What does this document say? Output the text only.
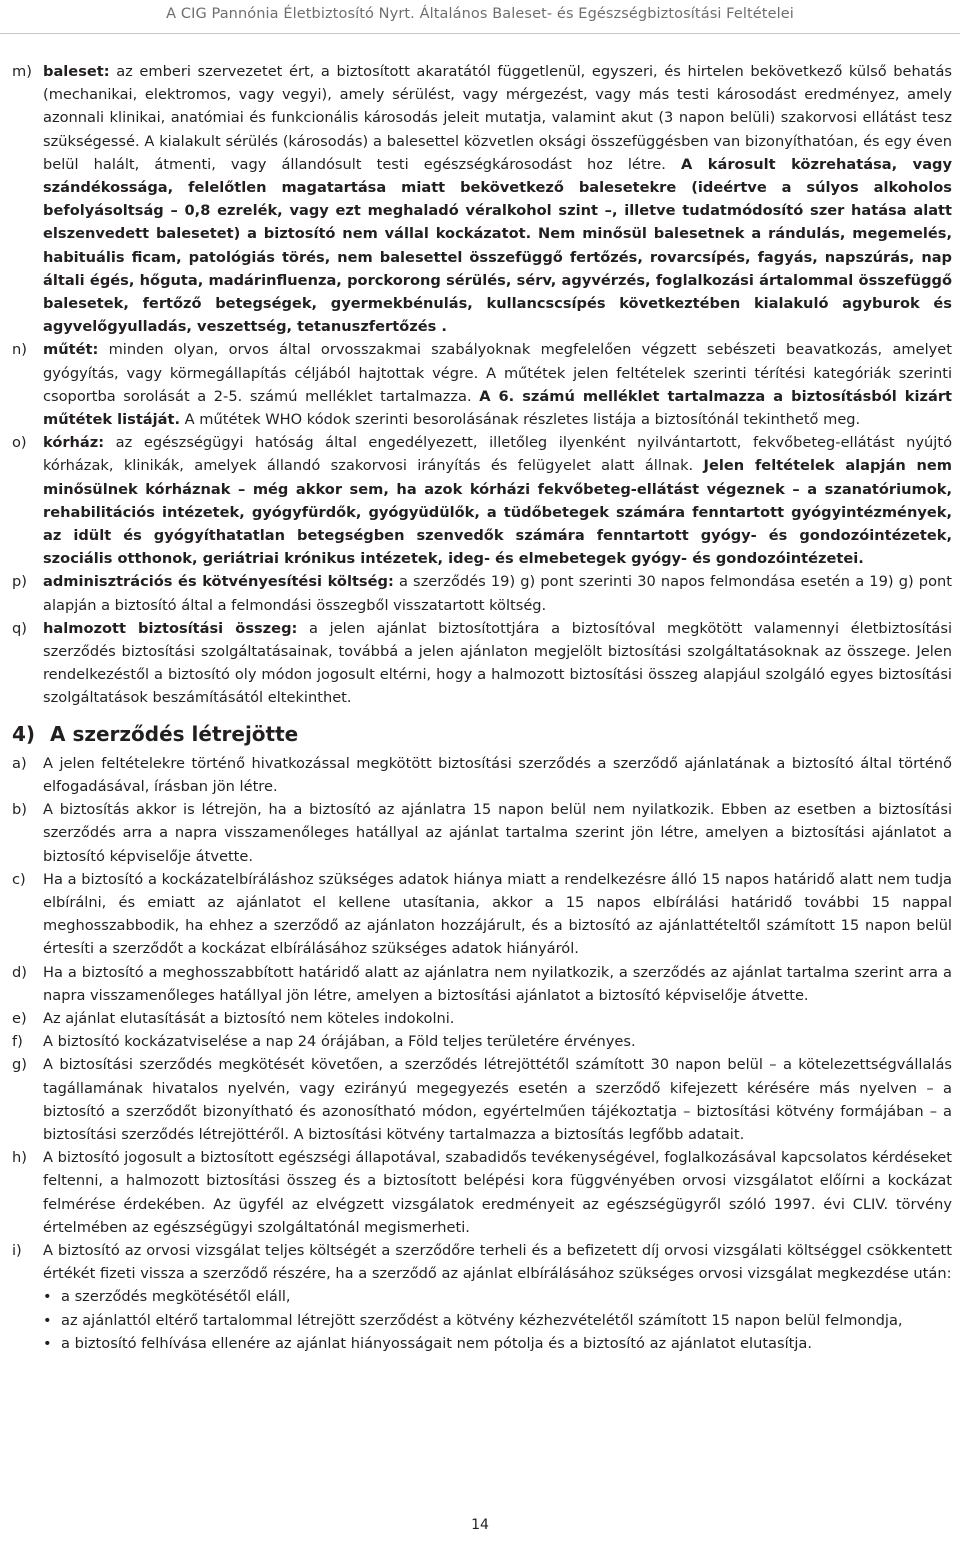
A CIG Pannónia Életbiztosító Nyrt. Általános Baleset- és Egészségbiztosítási Feltételei
m) baleset: az emberi szervezetet ért, a biztosított akaratától függetlenül, egyszeri, és hirtelen bekövetkező külső behatás (mechanikai, elektromos, vagy vegyi), amely sérülést, vagy mérgezést, vagy más testi károsodást eredményez, amely azonnali klinikai, anatómiai és funkcionális károsodás jeleit mutatja, valamint akut (3 napon belüli) szakorvosi ellátást tesz szükségessé. A kialakult sérülés (károsodás) a balesettel közvetlen oksági összefüggésben van bizonyíthatóan, és egy éven belül halált, átmenti, vagy állandósult testi egészségkárosodást hoz létre. A károsult közrehatása, vagy szándékossága, felelőtlen magatartása miatt bekövetkező balesetekre (ideértve a súlyos alkoholos befolyásoltság – 0,8 ezrelék, vagy ezt meghaladó véralkohol szint –, illetve tudatmódosító szer hatása alatt elszenvedett balesetet) a biztosító nem vállal kockázatot. Nem minősül balesetnek a rándulás, megemelés, habituális ficam, patológiás törés, nem balesettel összefüggő fertőzés, rovarcsípés, fagyás, napszúrás, nap általi égés, hőguta, madárinfluenza, porckorong sérülés, sérv, agyvérzés, foglalkozási ártalommal összefüggő balesetek, fertőző betegségek, gyermekbénulás, kullancscsípés következtében kialakuló agyburok és agyvelőgyulladás, veszettség, tetanuszfertőzés .
n)	műtét: minden olyan, orvos által orvosszakmai szabályoknak megfelelően végzett sebészeti beavatkozás, amelyet gyógyítás, vagy körmegállapítás céljából hajtottak végre. A műtétek jelen feltételek szerinti térítési kategóriák szerinti csoportba sorolását a 2-5. számú melléklet tartalmazza. A 6. számú melléklet tartalmazza a biztosításból kizárt műtétek listáját. A műtétek WHO kódok szerinti besorolásának részletes listája a biztosítónál tekinthető meg.
o)	kórház: az egészségügyi hatóság által engedélyezett, illetőleg ilyenként nyilvántartott, fekvőbeteg-ellátást nyújtó kórházak, klinikák, amelyek állandó szakorvosi irányítás és felügyelet alatt állnak. Jelen feltételek alapján nem minősülnek kórháznak – még akkor sem, ha azok kórházi fekvőbeteg-ellátást végeznek – a szanatóriumok, rehabilitációs intézetek, gyógyfürdők, gyógyüdülők, a tüdőbetegek számára fenntartott gyógyintézmények, az idült és gyógyíthatatlan betegségben szenvedők számára fenntartott gyógy- és gondozóintézetek, szociális otthonok, geriátriai krónikus intézetek, ideg- és elmebetegek gyógy- és gondozóintézetei.
p)	adminisztrációs és kötvényesítési költség: a szerződés 19) g) pont szerinti 30 napos felmondása esetén a 19) g) pont alapján a biztosító által a felmondási összegből visszatartott költség.
q)	halmozott biztosítási összeg: a jelen ajánlat biztosítottjára a biztosítóval megkötött valamennyi életbiztosítási szerződés biztosítási szolgáltatásainak, továbbá a jelen ajánlaton megjelölt biztosítási szolgáltatásoknak az összege. Jelen rendelkezéstől a biztosító oly módon jogosult eltérni, hogy a halmozott biztosítási összeg alapjául szolgáló egyes biztosítási szolgáltatások beszámításától eltekinthet.
4) A szerződés létrejötte
a)	A jelen feltételekre történő hivatkozással megkötött biztosítási szerződés a szerződő ajánlatának a biztosító által történő elfogadásával, írásban jön létre.
b)	A biztosítás akkor is létrejön, ha a biztosító az ajánlatra 15 napon belül nem nyilatkozik. Ebben az esetben a biztosítási szerződés arra a napra visszamenőleges hatállyal az ajánlat tartalma szerint jön létre, amelyen a biztosítási ajánlatot a biztosító képviselője átvette.
c)	Ha a biztosító a kockázatelbíráláshoz szükséges adatok hiánya miatt a rendelkezésre álló 15 napos határidő alatt nem tudja elbírálni, és emiatt az ajánlatot el kellene utasítania, akkor a 15 napos elbírálási határidő további 15 nappal meghosszabbodik, ha ehhez a szerződő az ajánlaton hozzájárult, és a biztosító az ajánlattételtől számított 15 napon belül értesíti a szerződőt a kockázat elbírálásához szükséges adatok hiányáról.
d)	Ha a biztosító a meghosszabbított határidő alatt az ajánlatra nem nyilatkozik, a szerződés az ajánlat tartalma szerint arra a napra visszamenőleges hatállyal jön létre, amelyen a biztosítási ajánlatot a biztosító képviselője átvette.
e)	Az ajánlat elutasítását a biztosító nem köteles indokolni.
f)	A biztosító kockázatviselése a nap 24 órájában, a Föld teljes területére érvényes.
g)	A biztosítási szerződés megkötését követően, a szerződés létrejöttétől számított 30 napon belül – a kötelezettségvállalás tagállamának hivatalos nyelvén, vagy ezirányú megegyezés esetén a szerződő kifejezett kérésére más nyelven – a biztosító a szerződőt bizonyítható és azonosítható módon, egyértelműen tájékoztatja – biztosítási kötvény formájában – a biztosítási szerződés létrejöttéről. A biztosítási kötvény tartalmazza a biztosítás legfőbb adatait.
h)	A biztosító jogosult a biztosított egészségi állapotával, szabadidős tevékenységével, foglalkozásával kapcsolatos kérdéseket feltenni, a halmozott biztosítási összeg és a biztosított belépési kora függvényében orvosi vizsgálatot előírni a kockázat felmérése érdekében. Az ügyfél az elvégzett vizsgálatok eredményeit az egészségügyről szóló 1997. évi CLIV. törvény értelmében az egészségügyi szolgáltatónál megismerheti.
i)	A biztosító az orvosi vizsgálat teljes költségét a szerződőre terheli és a befizetett díj orvosi vizsgálati költséggel csökkentett értékét fizeti vissza a szerződő részére, ha a szerződő az ajánlat elbírálásához szükséges orvosi vizsgálat megkezdése után:
• a szerződés megkötésétől eláll,
• az ajánlattól eltérő tartalommal létrejött szerződést a kötvény kézhezvételétől számított 15 napon belül felmondja,
• a biztosító felhívása ellenére az ajánlat hiányosságait nem pótolja és a biztosító az ajánlatot elutasítja.
14
